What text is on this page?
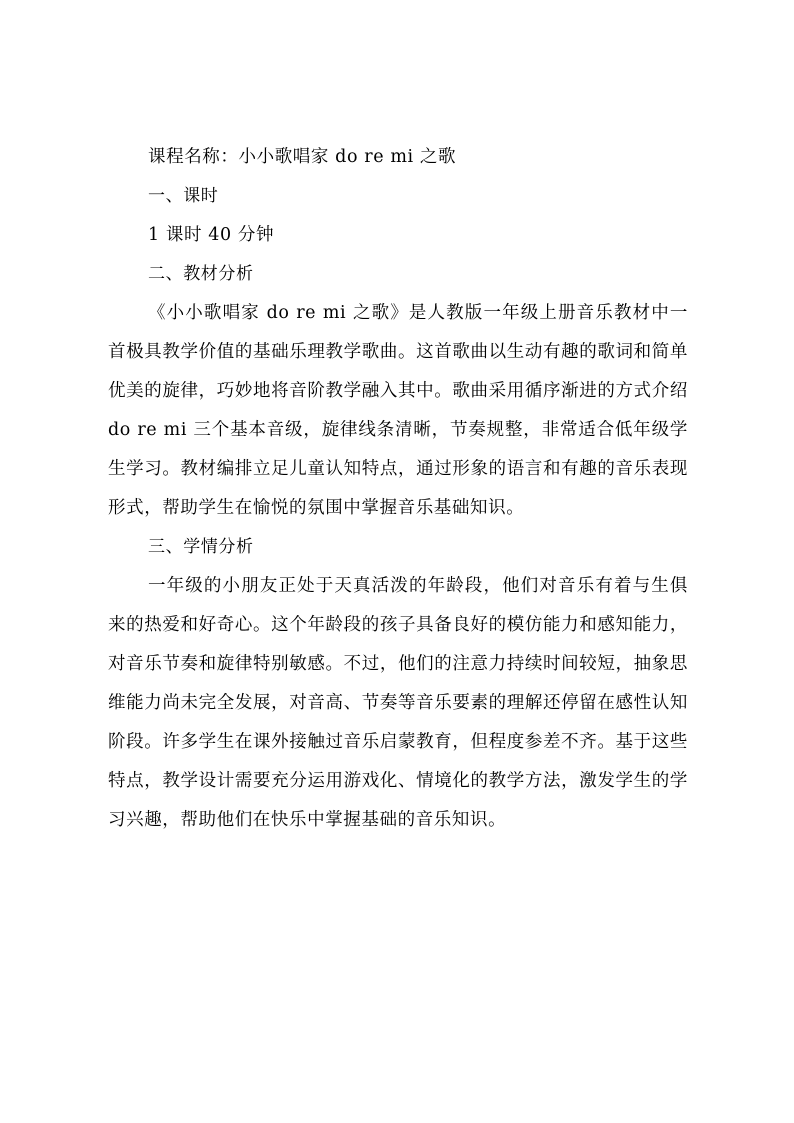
课程名称：小小歌唱家 do re mi 之歌
一、课时
1 课时 40 分钟
二、教材分析

《小小歌唱家 do re mi 之歌》是人教版一年级上册音乐教材中一首极具教学价值的基础乐理教学歌曲。这首歌曲以生动有趣的歌词和简单优美的旋律，巧妙地将音阶教学融入其中。歌曲采用循序渐进的方式介绍 do re mi 三个基本音级，旋律线条清晰，节奏规整，非常适合低年级学生学习。教材编排立足儿童认知特点，通过形象的语言和有趣的音乐表现形式，帮助学生在愉悦的氛围中掌握音乐基础知识。

三、学情分析

一年级的小朋友正处于天真活泼的年龄段，他们对音乐有着与生俱来的热爱和好奇心。这个年龄段的孩子具备良好的模仿能力和感知能力，对音乐节奏和旋律特别敏感。不过，他们的注意力持续时间较短，抽象思维能力尚未完全发展，对音高、节奏等音乐要素的理解还停留在感性认知阶段。许多学生在课外接触过音乐启蒙教育，但程度参差不齐。基于这些特点，教学设计需要充分运用游戏化、情境化的教学方法，激发学生的学习兴趣，帮助他们在快乐中掌握基础的音乐知识。
